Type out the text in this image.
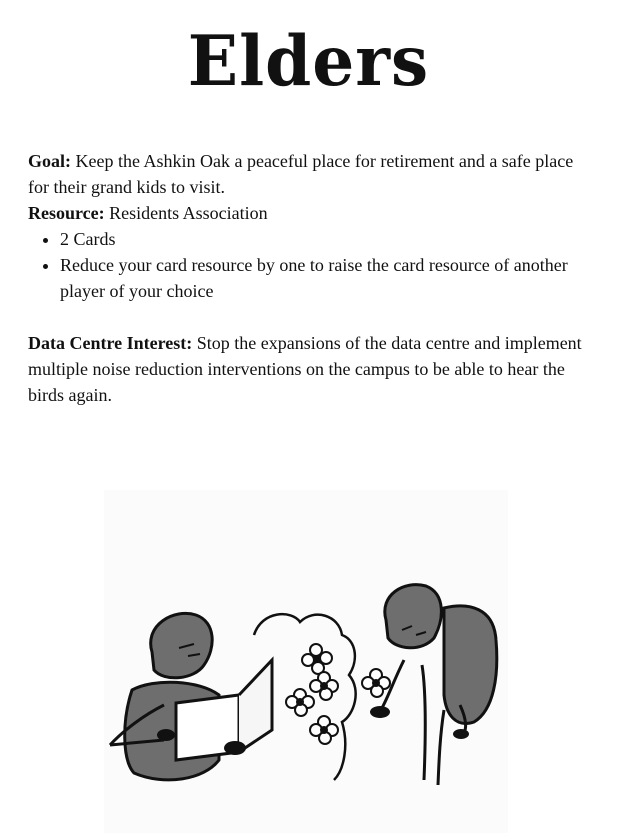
Elders

Goal: Keep the Ashkin Oak a peaceful place for retirement and a safe place for their grand kids to visit.

Resource: Residents Association

• 2 Cards
• Reduce your card resource by one to raise the card resource of another player of your choice

Data Centre Interest: Stop the expansions of the data centre and implement multiple noise reduction interventions on the campus to be able to hear the birds again.
